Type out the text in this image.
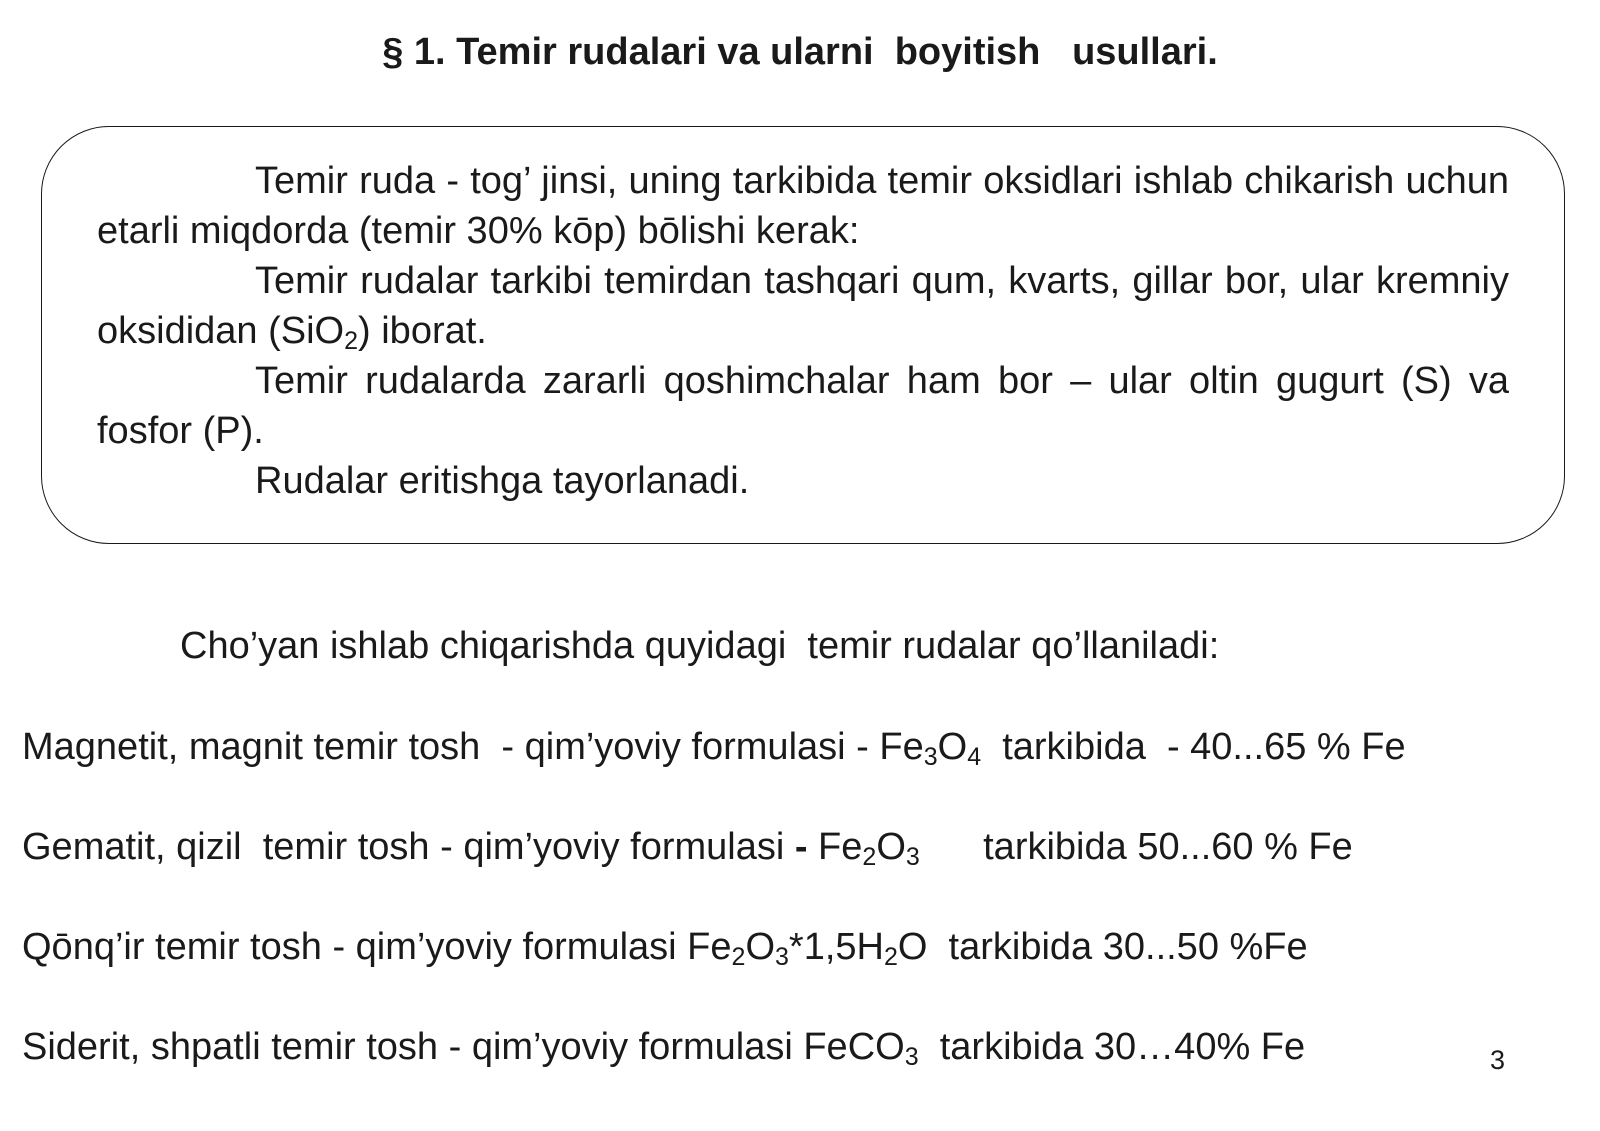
§ 1. Temir rudalari va ularni  boyitish   usullari.

Temir ruda - tog’ jinsi, uning tarkibida temir oksidlari ishlab chikarish uchun etarli miqdorda (temir 30% kōp) bōlishi kerak:

Temir rudalar tarkibi temirdan tashqari qum, kvarts, gillar bor, ular kremniy oksididan (SiO$_2$) iborat.

Temir rudalarda zararli qoshimchalar ham bor – ular oltin gugurt (S) va fosfor (P).

Rudalar eritishga tayorlanadi.

Cho’yan ishlab chiqarishda quyidagi  temir rudalar qo’llaniladi:
Magnetit, magnit temir tosh  - qim’yoviy formulasi - $Fe_3O_4$  tarkibida  - 40...65 % Fe
Gematit, qizil  temir tosh - qim’yoviy formulasi - $Fe_2O_3$      tarkibida 50...60 % Fe
Qōnq’ir temir tosh - qim’yoviy formulasi $Fe_2O_3*1,5H_2O$  tarkibida 30...50 %Fe
Siderit, shpatli temir tosh - qim’yoviy formulasi FeCO$_3$  tarkibida 30…40% Fe	3
